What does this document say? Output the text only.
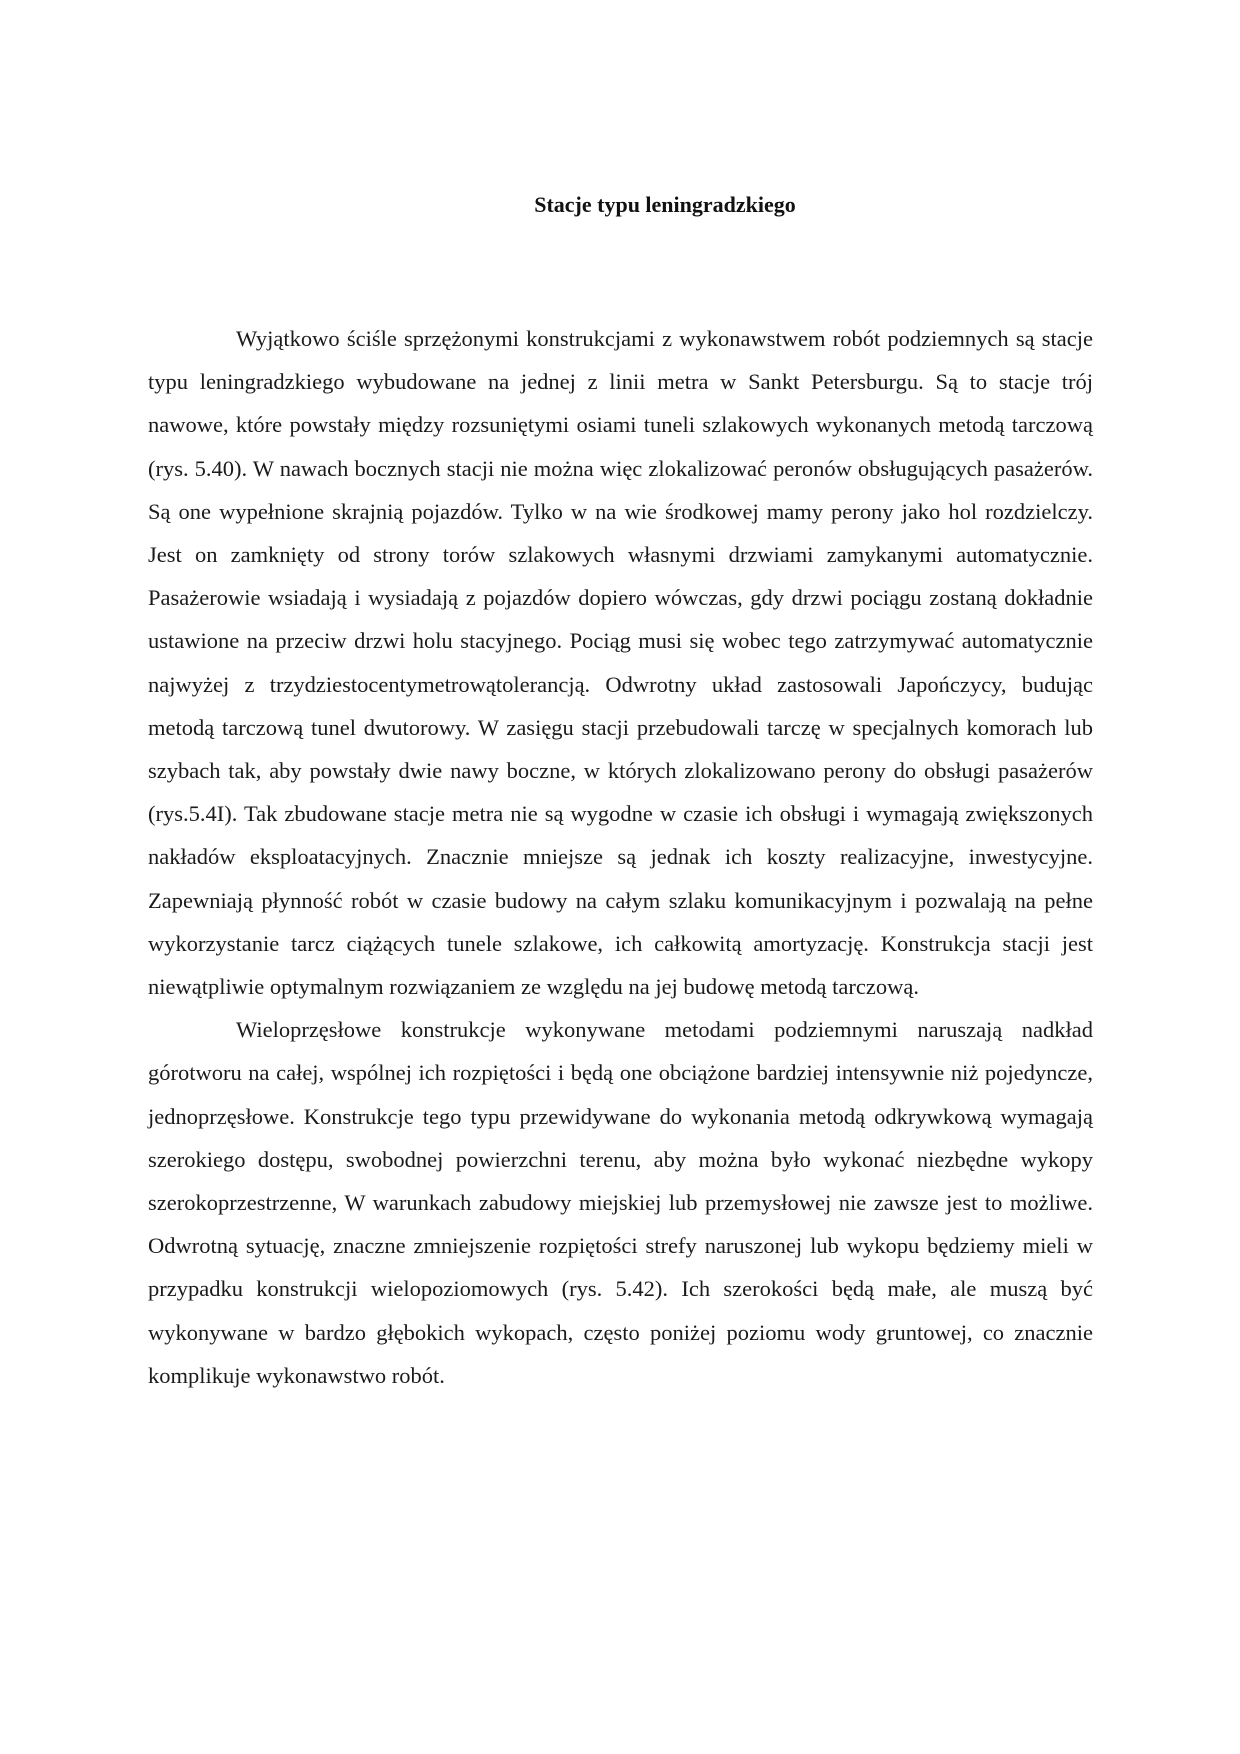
Stacje typu leningradzkiego

Wyjątkowo ściśle sprzężonymi konstrukcjami z wykonawstwem robót podziemnych są stacje typu leningradzkiego wybudowane na jednej z linii metra w Sankt Petersburgu. Są to stacje trój nawowe, które powstały między rozsuniętymi osiami tuneli szlakowych wykonanych metodą tarczową (rys. 5.40). W nawach bocznych stacji nie można więc zlokalizować peronów obsługujących pasażerów. Są one wypełnione skrajnią pojazdów. Tylko w na wie środkowej mamy perony jako hol rozdzielczy. Jest on zamknięty od strony torów szlakowych własnymi drzwiami zamykanymi automatycznie. Pasażerowie wsiadają i wysiadają z pojazdów dopiero wówczas, gdy drzwi pociągu zostaną dokładnie ustawione na przeciw drzwi holu stacyjnego. Pociąg musi się wobec tego zatrzymywać automatycznie najwyżej z trzydziestocentymetrowątolerancją. Odwrotny układ zastosowali Japończycy, budując metodą tarczową tunel dwutorowy. W zasięgu stacji przebudowali tarczę w specjalnych komorach lub szybach tak, aby powstały dwie nawy boczne, w których zlokalizowano perony do obsługi pasażerów (rys.5.4I). Tak zbudowane stacje metra nie są wygodne w czasie ich obsługi i wymagają zwiększonych nakładów eksploatacyjnych. Znacznie mniejsze są jednak ich koszty realizacyjne, inwestycyjne. Zapewniają płynność robót w czasie budowy na całym szlaku komunikacyjnym i pozwalają na pełne wykorzystanie tarcz ciążących tunele szlakowe, ich całkowitą amortyzację. Konstrukcja stacji jest niewątpliwie optymalnym rozwiązaniem ze względu na jej budowę metodą tarczową.

Wieloprzęsłowe konstrukcje wykonywane metodami podziemnymi naruszają nadkład górotworu na całej, wspólnej ich rozpiętości i będą one obciążone bardziej intensywnie niż pojedyncze, jednoprzęsłowe. Konstrukcje tego typu przewidywane do wykonania metodą odkrywkową wymagają szerokiego dostępu, swobodnej powierzchni terenu, aby można było wykonać niezbędne wykopy szerokoprzestrzenne, W warunkach zabudowy miejskiej lub przemysłowej nie zawsze jest to możliwe. Odwrotną sytuację, znaczne zmniejszenie rozpiętości strefy naruszonej lub wykopu będziemy mieli w przypadku konstrukcji wielopoziomowych (rys. 5.42). Ich szerokości będą małe, ale muszą być wykonywane w bardzo głębokich wykopach, często poniżej poziomu wody gruntowej, co znacznie komplikuje wykonawstwo robót.
